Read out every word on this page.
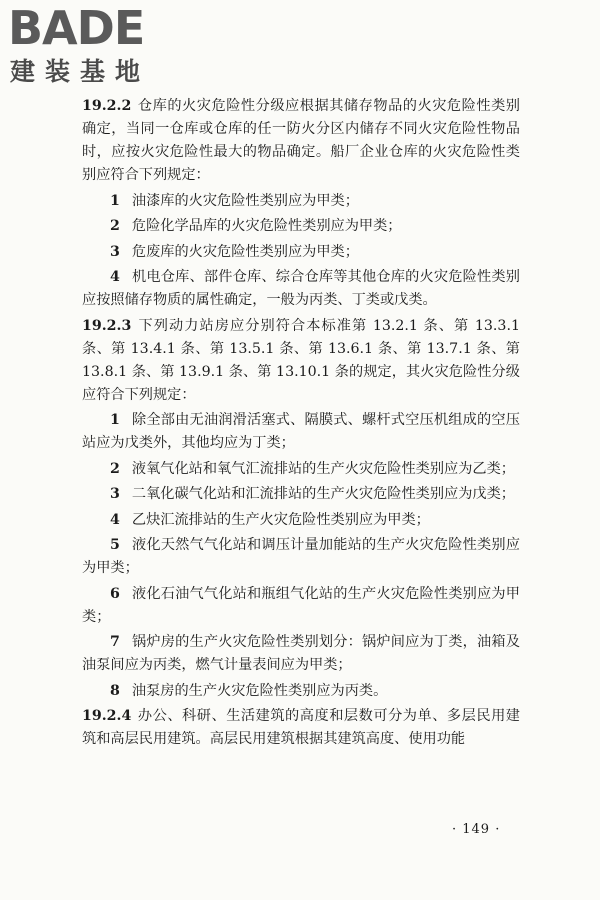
BADE
建装基地

19.2.2 仓库的火灾危险性分级应根据其储存物品的火灾危险性类别确定，当同一仓库或仓库的任一防火分区内储存不同火灾危险性物品时，应按火灾危险性最大的物品确定。船厂企业仓库的火灾危险性类别应符合下列规定：

1 油漆库的火灾危险性类别应为甲类；

2 危险化学品库的火灾危险性类别应为甲类；

3 危废库的火灾危险性类别应为甲类；

4 机电仓库、部件仓库、综合仓库等其他仓库的火灾危险性类别应按照储存物质的属性确定，一般为丙类、丁类或戊类。

19.2.3 下列动力站房应分别符合本标准第 13.2.1 条、第 13.3.1 条、第 13.4.1 条、第 13.5.1 条、第 13.6.1 条、第 13.7.1 条、第 13.8.1 条、第 13.9.1 条、第 13.10.1 条的规定，其火灾危险性分级应符合下列规定：

1 除全部由无油润滑活塞式、隔膜式、螺杆式空压机组成的空压站应为戊类外，其他均应为丁类；

2 液氧气化站和氧气汇流排站的生产火灾危险性类别应为乙类；

3 二氧化碳气化站和汇流排站的生产火灾危险性类别应为戊类；

4 乙炔汇流排站的生产火灾危险性类别应为甲类；

5 液化天然气气化站和调压计量加能站的生产火灾危险性类别应为甲类；

6 液化石油气气化站和瓶组气化站的生产火灾危险性类别应为甲类；

7 锅炉房的生产火灾危险性类别划分：锅炉间应为丁类，油箱及油泵间应为丙类，燃气计量表间应为甲类；

8 油泵房的生产火灾危险性类别应为丙类。

19.2.4 办公、科研、生活建筑的高度和层数可分为单、多层民用建筑和高层民用建筑。高层民用建筑根据其建筑高度、使用功能

· 149 ·
